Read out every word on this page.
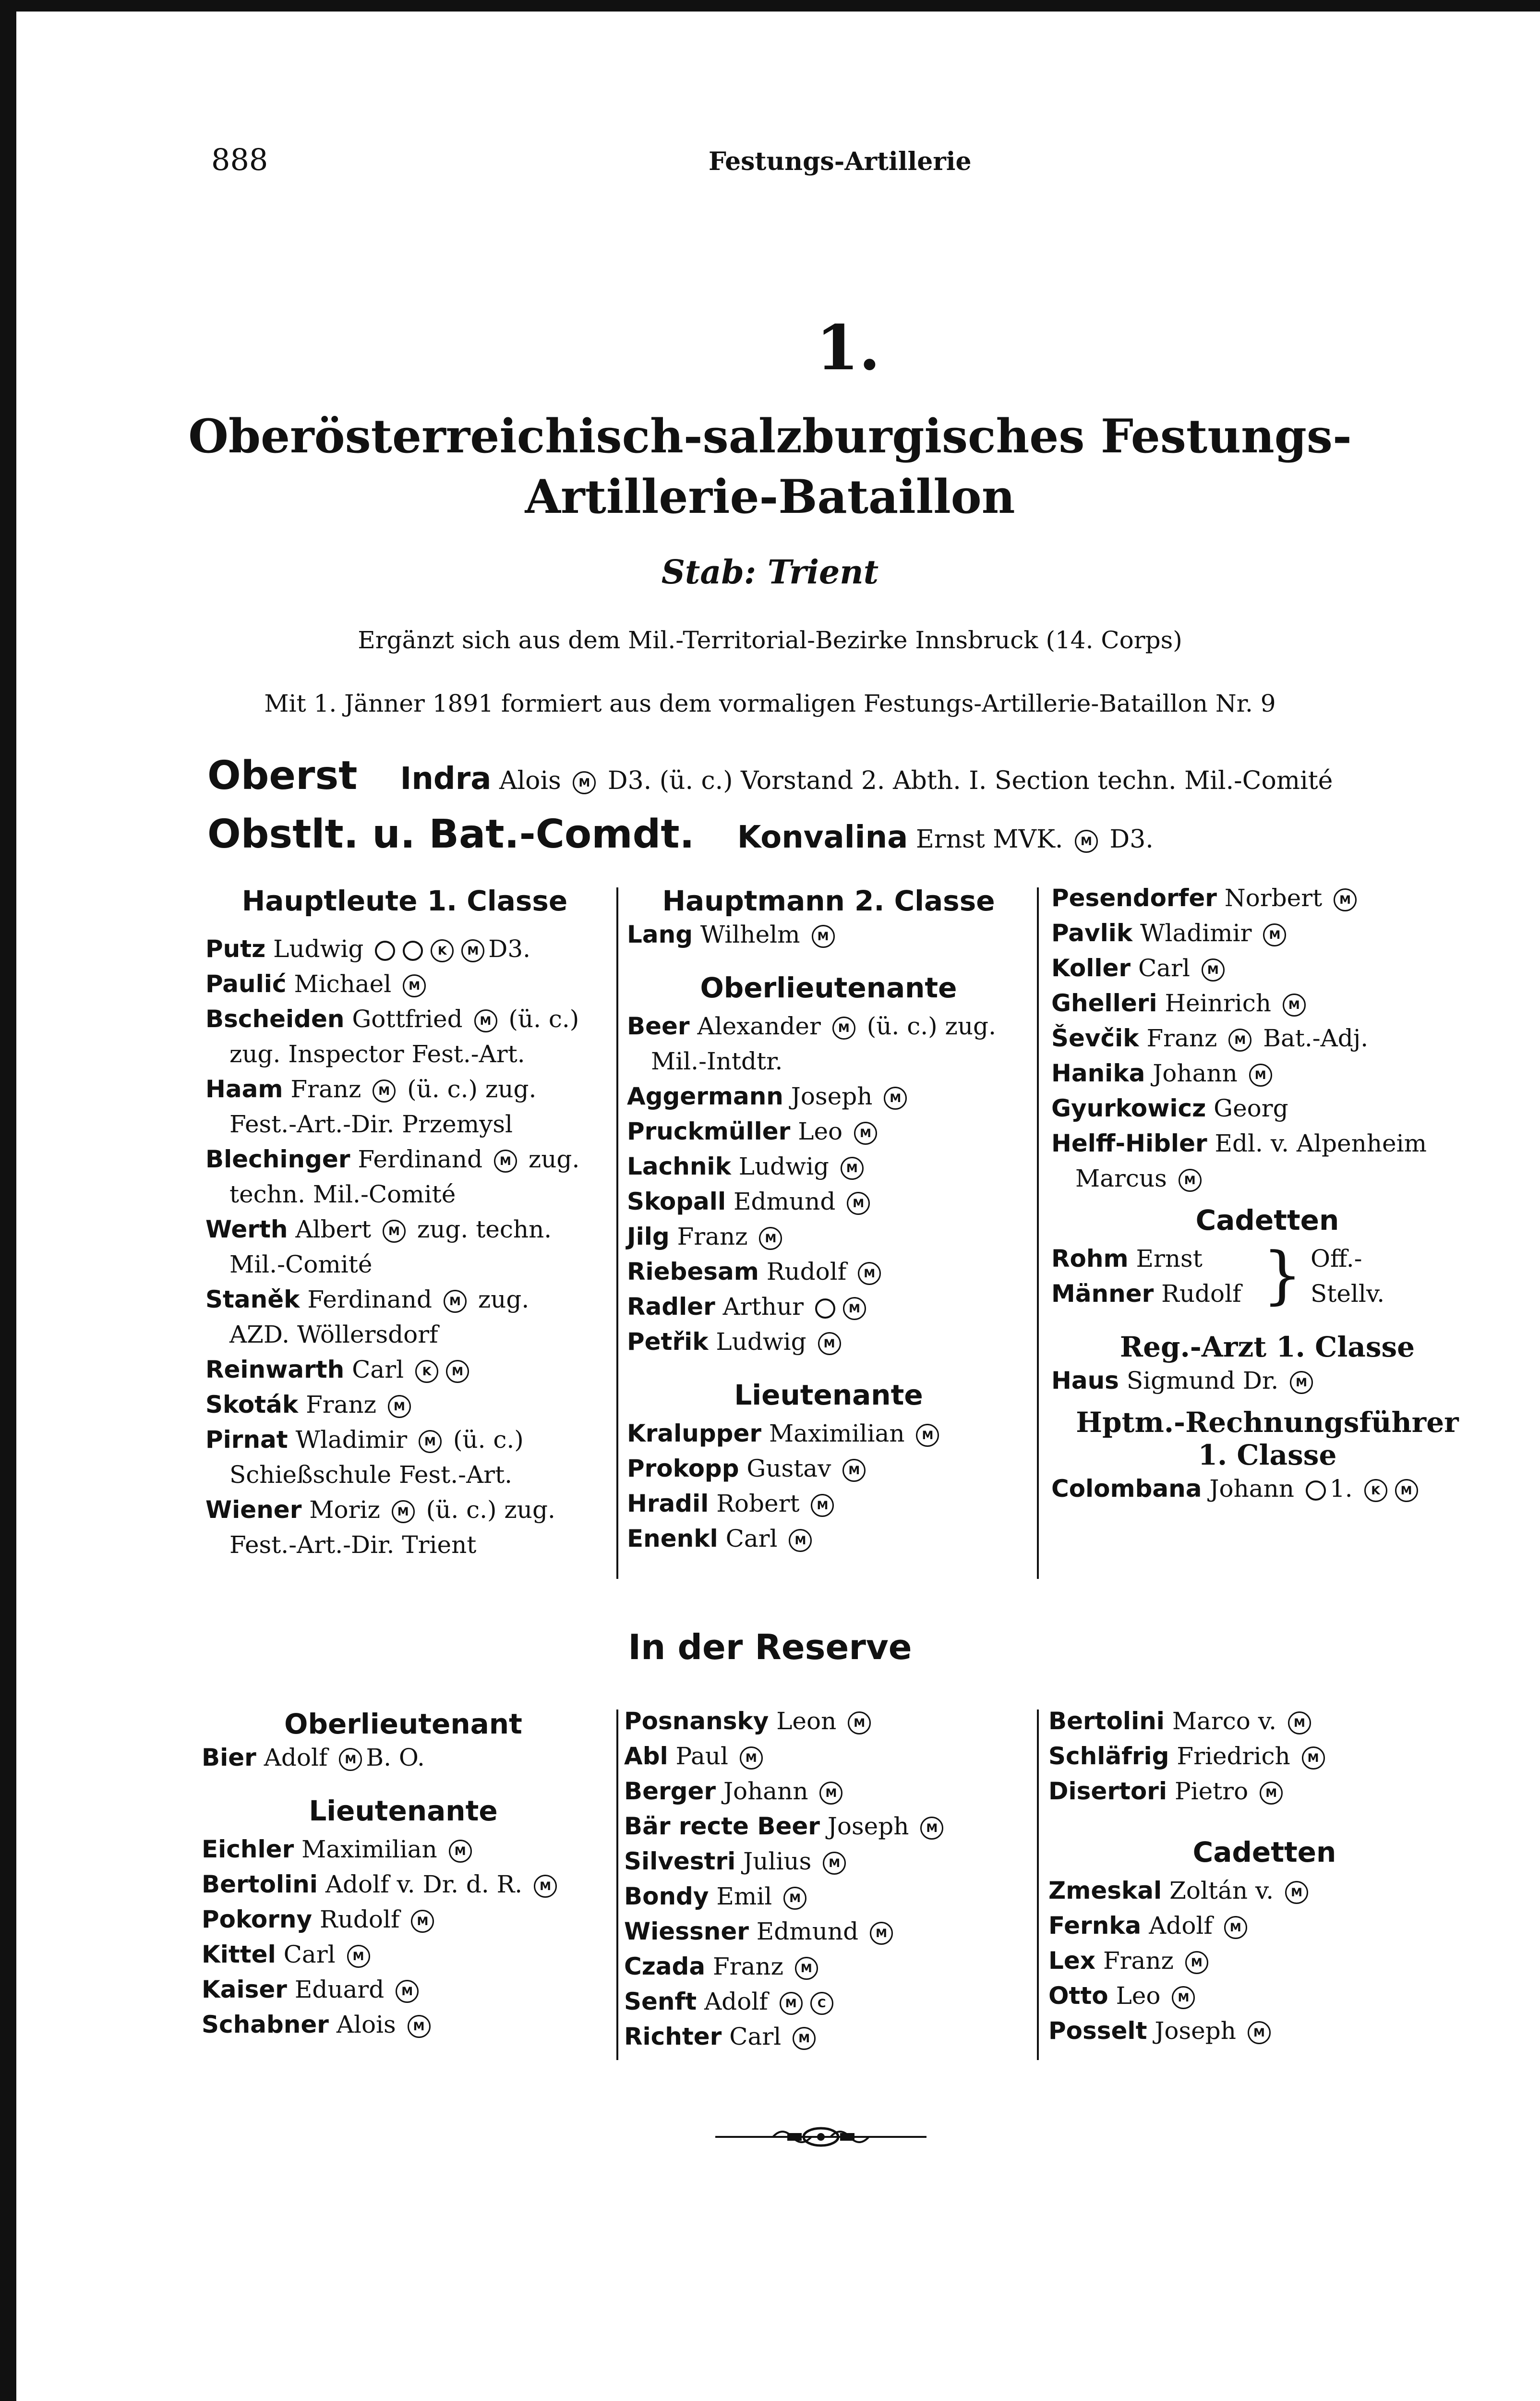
888	Festungs-Artillerie
1.
Oberösterreichisch-salzburgisches Festungs-
Artillerie-Bataillon
Stab: Trient
Ergänzt sich aus dem Mil.-Territorial-Bezirke Innsbruck (14. Corps)
Mit 1. Jänner 1891 formiert aus dem vormaligen Festungs-Artillerie-Bataillon Nr. 9
Oberst Indra Alois M D3. (ü. c.) Vorstand 2. Abth. I. Section techn. Mil.-Comité
Obstlt. u. Bat.-Comdt. Konvalina Ernst MVK. M D3.
Hauptleute 1. Classe
Putz Ludwig	K M D3.
Paulić Michael M
Bscheiden Gottfried M (ü. c.)
zug. Inspector Fest.-Art.
Haam Franz M (ü. c.) zug.
Fest.-Art.-Dir. Przemysl
Blechinger Ferdinand M zug.
techn. Mil.-Comité
Werth Albert M zug. techn.
Mil.-Comité
Staněk Ferdinand M zug.
AZD. Wöllersdorf
Reinwarth Carl K M
Skoták Franz M
Pirnat Wladimir M (ü. c.)
Schießschule Fest.-Art.
Wiener Moriz M (ü. c.) zug.
Fest.-Art.-Dir. Trient
Hauptmann 2. Classe
Lang Wilhelm M
Oberlieutenante
Beer Alexander M (ü. c.) zug.
Mil.-Intdtr.
Aggermann Joseph M
Pruckmüller Leo M
Lachnik Ludwig M
Skopall Edmund M
Jilg Franz M
Riebesam Rudolf M
Radler Arthur	M
Petřik Ludwig M
Lieutenante
Kralupper Maximilian M
Prokopp Gustav M
Hradil Robert M
Enenkl Carl M
Pesendorfer Norbert M
Pavlik Wladimir M
Koller Carl M
Ghelleri Heinrich M
Ševčik Franz M Bat.-Adj.
Hanika Johann M
Gyurkowicz Georg
Helff-Hibler Edl. v. Alpenheim
Marcus M
Cadetten
Rohm Ernst
Männer Rudolf } Off.-
Stellv.
Reg.-Arzt 1. Classe
Haus Sigmund Dr. M
Hptm.-Rechnungsführer
1. Classe
Colombana Johann 1. K M
In der Reserve
Oberlieutenant
Bier Adolf M B. O.
Lieutenante
Eichler Maximilian M
Bertolini Adolf v. Dr. d. R. M
Pokorny Rudolf M
Kittel Carl M
Kaiser Eduard M
Schabner Alois M
Posnansky Leon M
Abl Paul M
Berger Johann M
Bär recte Beer Joseph M
Silvestri Julius M
Bondy Emil M
Wiessner Edmund M
Czada Franz M
Senft Adolf M C
Richter Carl M
Bertolini Marco v. M
Schläfrig Friedrich M
Disertori Pietro M
Cadetten
Zmeskal Zoltán v. M
Fernka Adolf M
Lex Franz M
Otto Leo M
Posselt Joseph M
